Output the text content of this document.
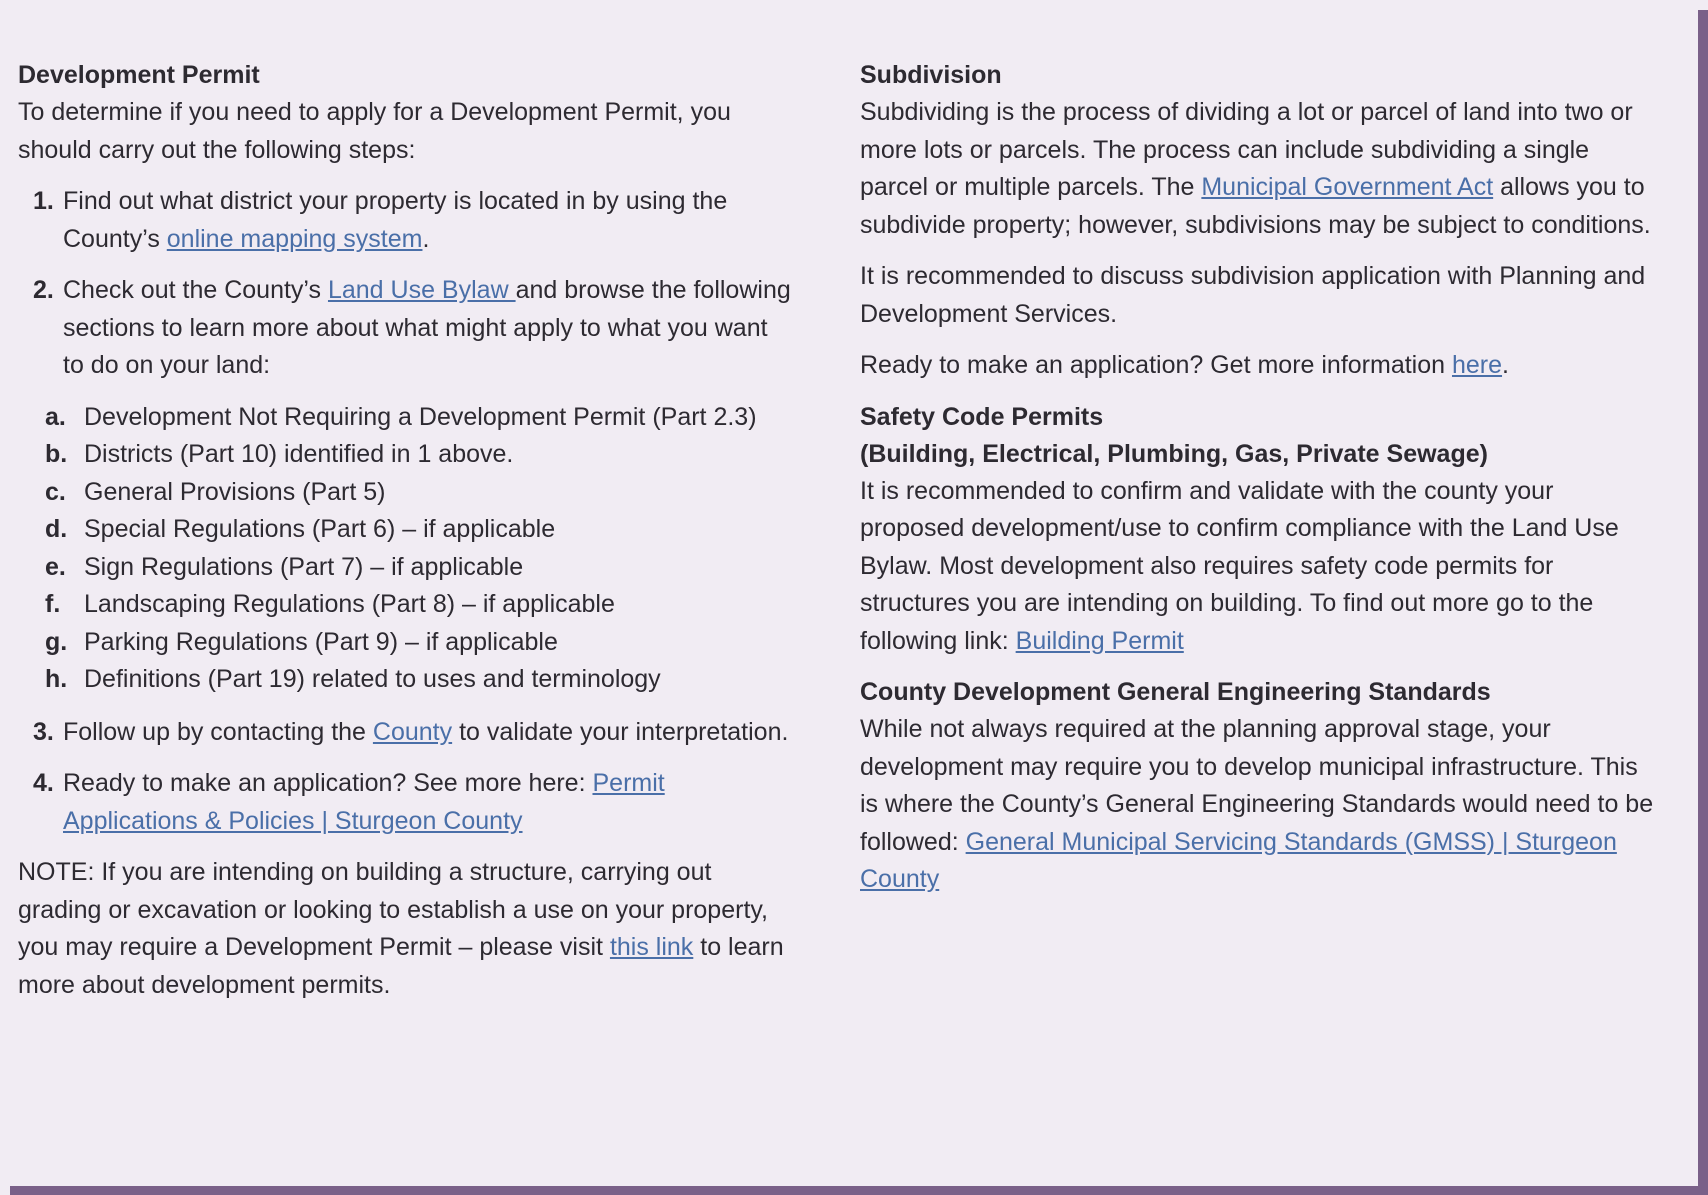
Development Permit

To determine if you need to apply for a Development Permit, you should carry out the following steps:

1. Find out what district your property is located in by using the County’s online mapping system.
2. Check out the County’s Land Use Bylaw and browse the following sections to learn more about what might apply to what you want to do on your land:
a. Development Not Requiring a Development Permit (Part 2.3)
b. Districts (Part 10) identified in 1 above.
c. General Provisions (Part 5)
d. Special Regulations (Part 6) – if applicable
e. Sign Regulations (Part 7) – if applicable
f. Landscaping Regulations (Part 8) – if applicable
g. Parking Regulations (Part 9) – if applicable
h. Definitions (Part 19) related to uses and terminology
3. Follow up by contacting the County to validate your interpretation.
4. Ready to make an application? See more here: Permit Applications & Policies | Sturgeon County

NOTE: If you are intending on building a structure, carrying out grading or excavation or looking to establish a use on your property, you may require a Development Permit – please visit this link to learn more about development permits.

Subdivision

Subdividing is the process of dividing a lot or parcel of land into two or more lots or parcels. The process can include subdividing a single parcel or multiple parcels. The Municipal Government Act allows you to subdivide property; however, subdivisions may be subject to conditions.

It is recommended to discuss subdivision application with Planning and Development Services.

Ready to make an application? Get more information here.

Safety Code Permits
(Building, Electrical, Plumbing, Gas, Private Sewage)

It is recommended to confirm and validate with the county your proposed development/use to confirm compliance with the Land Use Bylaw. Most development also requires safety code permits for structures you are intending on building. To find out more go to the following link: Building Permit

County Development General Engineering Standards

While not always required at the planning approval stage, your development may require you to develop municipal infrastructure. This is where the County’s General Engineering Standards would need to be followed: General Municipal Servicing Standards (GMSS) | Sturgeon County
